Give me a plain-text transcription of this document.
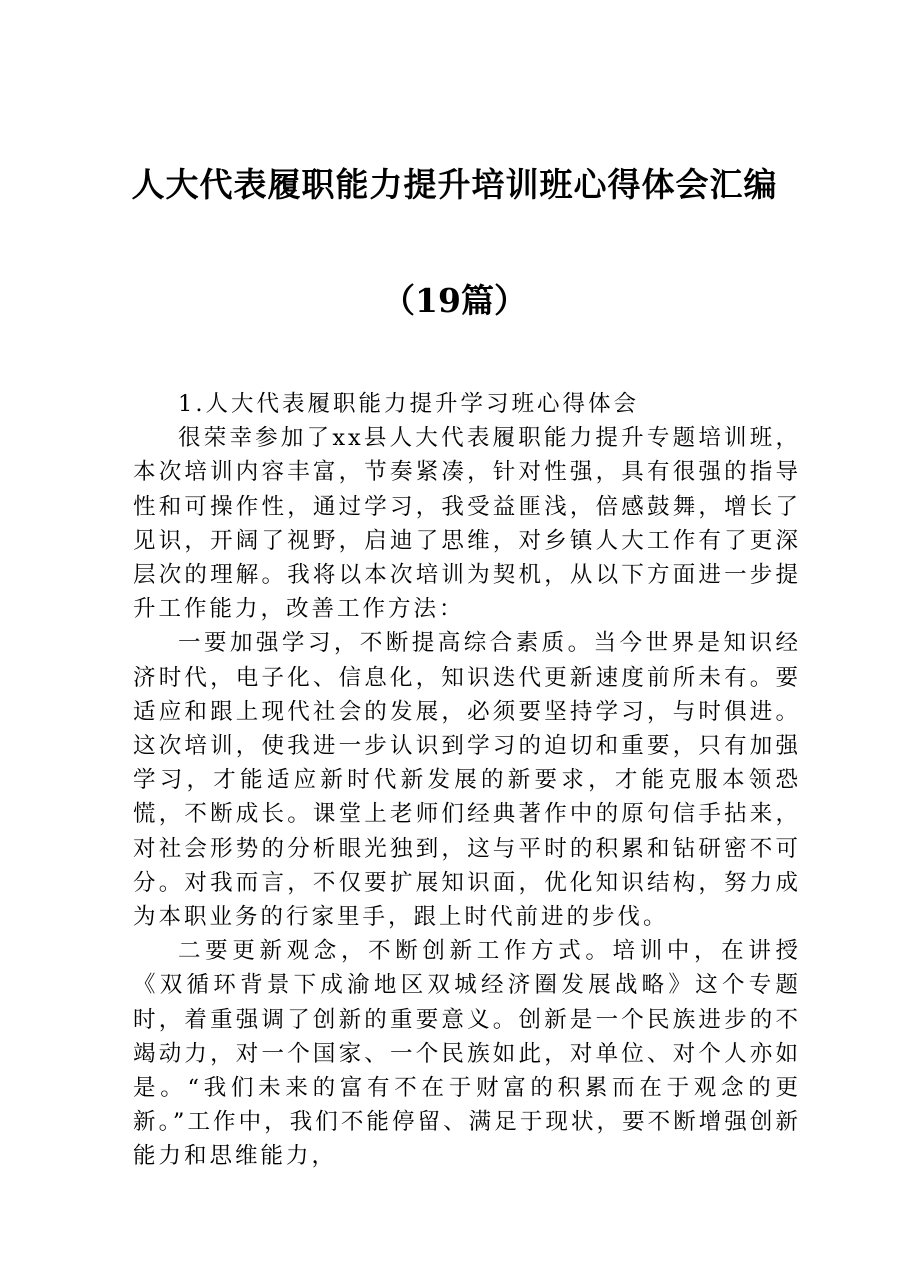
人大代表履职能力提升培训班心得体会汇编
（19篇）

1.人大代表履职能力提升学习班心得体会

很荣幸参加了xx县人大代表履职能力提升专题培训班，本次培训内容丰富，节奏紧凑，针对性强，具有很强的指导性和可操作性，通过学习，我受益匪浅，倍感鼓舞，增长了见识，开阔了视野，启迪了思维，对乡镇人大工作有了更深层次的理解。我将以本次培训为契机，从以下方面进一步提升工作能力，改善工作方法：

一要加强学习，不断提高综合素质。当今世界是知识经济时代，电子化、信息化，知识迭代更新速度前所未有。要适应和跟上现代社会的发展，必须要坚持学习，与时俱进。这次培训，使我进一步认识到学习的迫切和重要，只有加强学习，才能适应新时代新发展的新要求，才能克服本领恐慌，不断成长。课堂上老师们经典著作中的原句信手拈来，对社会形势的分析眼光独到，这与平时的积累和钻研密不可分。对我而言，不仅要扩展知识面，优化知识结构，努力成为本职业务的行家里手，跟上时代前进的步伐。

二要更新观念，不断创新工作方式。培训中，在讲授《双循环背景下成渝地区双城经济圈发展战略》这个专题时，着重强调了创新的重要意义。创新是一个民族进步的不竭动力，对一个国家、一个民族如此，对单位、对个人亦如是。“我们未来的富有不在于财富的积累而在于观念的更新。”工作中，我们不能停留、满足于现状，要不断增强创新能力和思维能力，
